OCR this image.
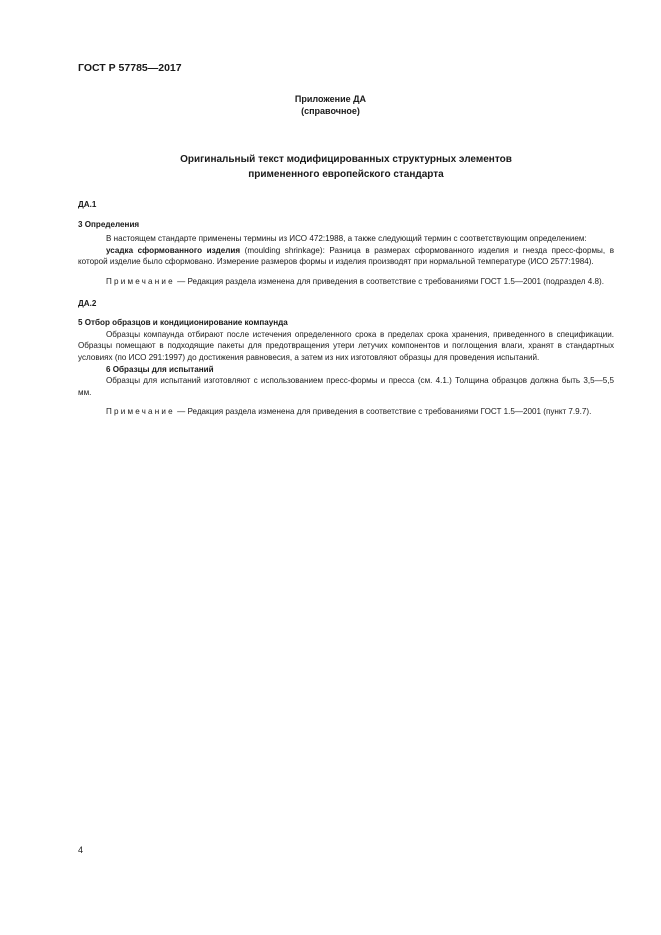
ГОСТ Р 57785—2017
Приложение ДА
(справочное)
Оригинальный текст модифицированных структурных элементов
примененного европейского стандарта

ДА.1

3 Определения

В настоящем стандарте применены термины из ИСО 472:1988, а также следующий термин с соответствующим определением:

усадка сформованного изделия (moulding shrinkage): Разница в размерах сформованного изделия и гнезда пресс-формы, в которой изделие было сформовано. Измерение размеров формы и изделия производят при нормальной температуре (ИСО 2577:1984).

Примечание — Редакция раздела изменена для приведения в соответствие с требованиями ГОСТ 1.5—2001 (подраздел 4.8).

ДА.2

5 Отбор образцов и кондиционирование компаунда

Образцы компаунда отбирают после истечения определенного срока в пределах срока хранения, приведенного в спецификации. Образцы помещают в подходящие пакеты для предотвращения утери летучих компонентов и поглощения влаги, хранят в стандартных условиях (по ИСО 291:1997) до достижения равновесия, а затем из них изготовляют образцы для проведения испытаний.

6 Образцы для испытаний

Образцы для испытаний изготовляют с использованием пресс-формы и пресса (см. 4.1.) Толщина образцов должна быть 3,5—5,5 мм.

Примечание — Редакция раздела изменена для приведения в соответствие с требованиями ГОСТ 1.5—2001 (пункт 7.9.7).

4
